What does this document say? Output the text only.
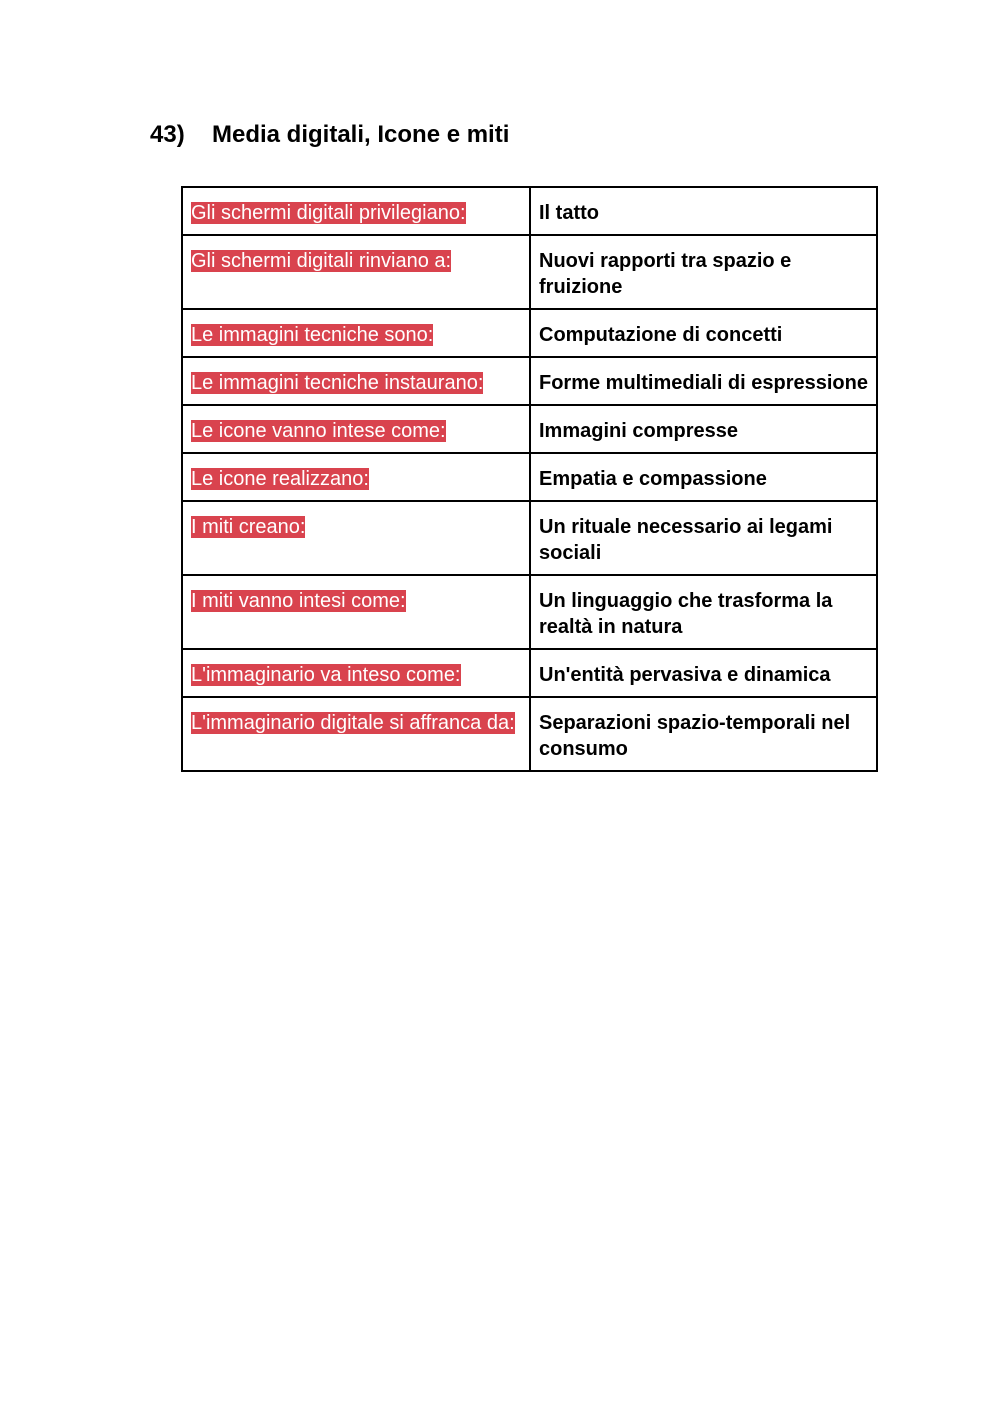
43) Media digitali, Icone e miti
Gli schermi digitali privilegiano:	Il tatto
Gli schermi digitali rinviano a:	Nuovi rapporti tra spazio e fruizione
Le immagini tecniche sono:	Computazione di concetti
Le immagini tecniche instaurano:	Forme multimediali di espressione
Le icone vanno intese come:	Immagini compresse
Le icone realizzano:	Empatia e compassione
I miti creano:	Un rituale necessario ai legami sociali
I miti vanno intesi come:	Un linguaggio che trasforma la realtà in natura
L'immaginario va inteso come:	Un'entità pervasiva e dinamica
L'immaginario digitale si affranca da:	Separazioni spazio-temporali nel consumo
